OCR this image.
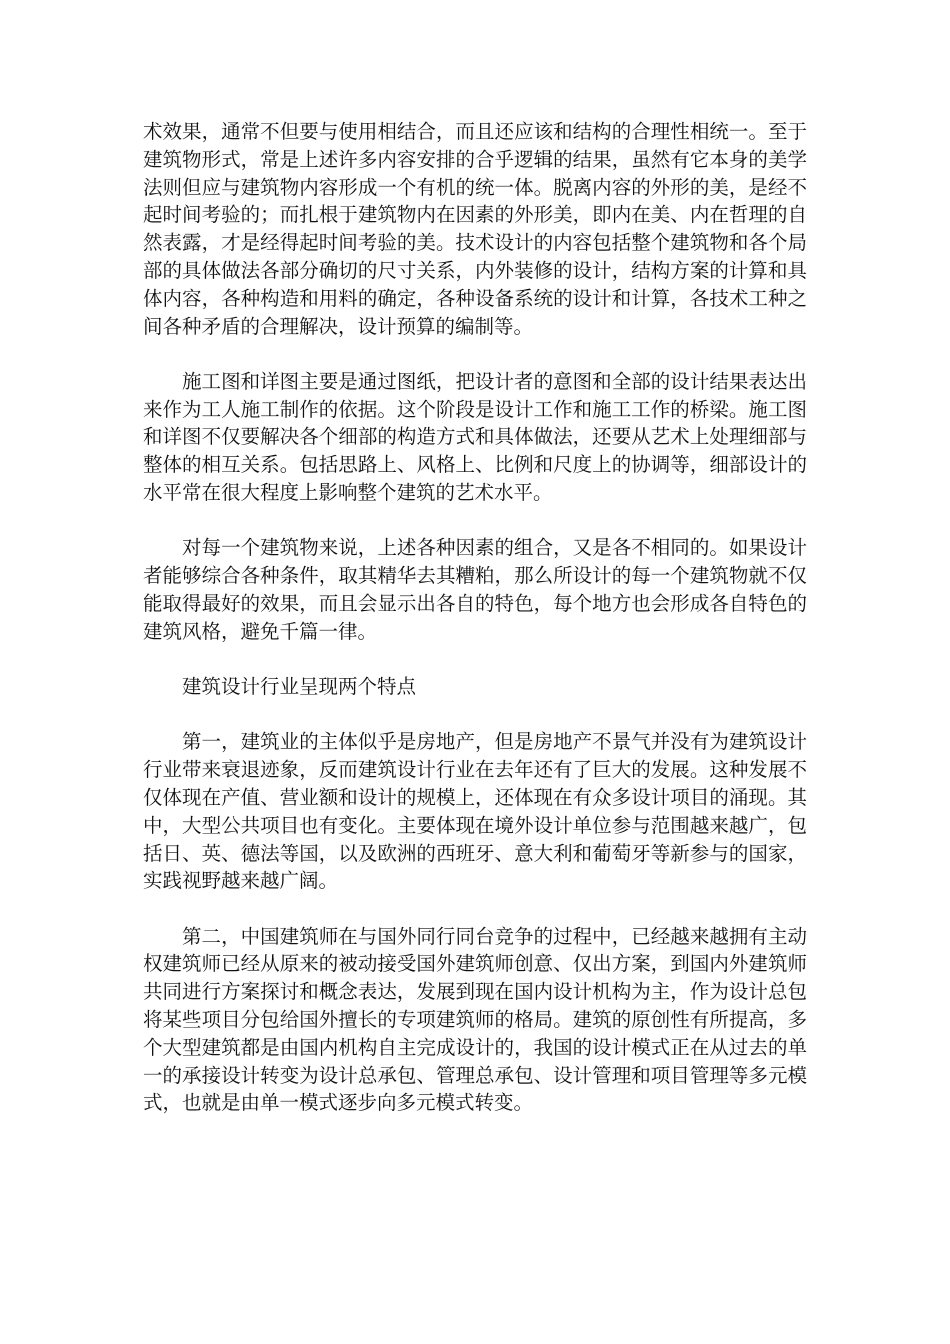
术效果，通常不但要与使用相结合，而且还应该和结构的合理性相统一。至于建筑物形式，常是上述许多内容安排的合乎逻辑的结果，虽然有它本身的美学法则但应与建筑物内容形成一个有机的统一体。脱离内容的外形的美，是经不起时间考验的；而扎根于建筑物内在因素的外形美，即内在美、内在哲理的自然表露，才是经得起时间考验的美。技术设计的内容包括整个建筑物和各个局部的具体做法各部分确切的尺寸关系，内外装修的设计，结构方案的计算和具体内容，各种构造和用料的确定，各种设备系统的设计和计算，各技术工种之间各种矛盾的合理解决，设计预算的编制等。

施工图和详图主要是通过图纸，把设计者的意图和全部的设计结果表达出来作为工人施工制作的依据。这个阶段是设计工作和施工工作的桥梁。施工图和详图不仅要解决各个细部的构造方式和具体做法，还要从艺术上处理细部与整体的相互关系。包括思路上、风格上、比例和尺度上的协调等，细部设计的水平常在很大程度上影响整个建筑的艺术水平。

对每一个建筑物来说，上述各种因素的组合，又是各不相同的。如果设计者能够综合各种条件，取其精华去其糟粕，那么所设计的每一个建筑物就不仅能取得最好的效果，而且会显示出各自的特色，每个地方也会形成各自特色的建筑风格，避免千篇一律。

建筑设计行业呈现两个特点

第一，建筑业的主体似乎是房地产，但是房地产不景气并没有为建筑设计行业带来衰退迹象，反而建筑设计行业在去年还有了巨大的发展。这种发展不仅体现在产值、营业额和设计的规模上，还体现在有众多设计项目的涌现。其中，大型公共项目也有变化。主要体现在境外设计单位参与范围越来越广，包括日、英、德法等国，以及欧洲的西班牙、意大利和葡萄牙等新参与的国家，实践视野越来越广阔。

第二，中国建筑师在与国外同行同台竞争的过程中，已经越来越拥有主动权建筑师已经从原来的被动接受国外建筑师创意、仅出方案，到国内外建筑师共同进行方案探讨和概念表达，发展到现在国内设计机构为主，作为设计总包将某些项目分包给国外擅长的专项建筑师的格局。建筑的原创性有所提高，多个大型建筑都是由国内机构自主完成设计的，我国的设计模式正在从过去的单一的承接设计转变为设计总承包、管理总承包、设计管理和项目管理等多元模式，也就是由单一模式逐步向多元模式转变。
